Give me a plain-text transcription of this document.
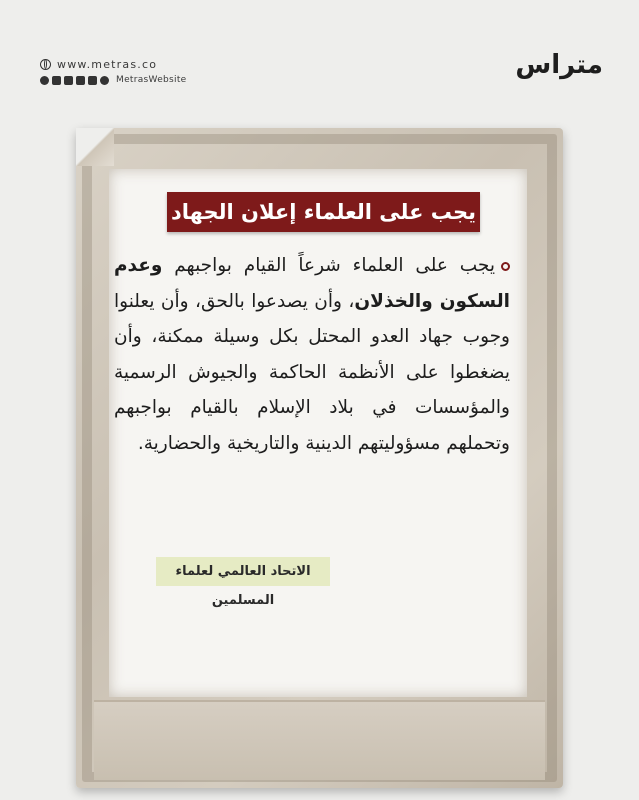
www.metras.co
MetrasWebsite	متراس
يجب على العلماء إعلان الجهاد
يجب على العلماء شرعاً القيام بواجبهم وعدم السكون والخذلان، وأن يصدعوا بالحق، وأن يعلنوا وجوب جهاد العدو المحتل بكل وسيلة ممكنة، وأن يضغطوا على الأنظمة الحاكمة والجيوش الرسمية والمؤسسات في بلاد الإسلام بالقيام بواجبهم وتحملهم مسؤوليتهم الدينية والتاريخية والحضارية.
الاتحاد العالمي لعلماء المسلمين
